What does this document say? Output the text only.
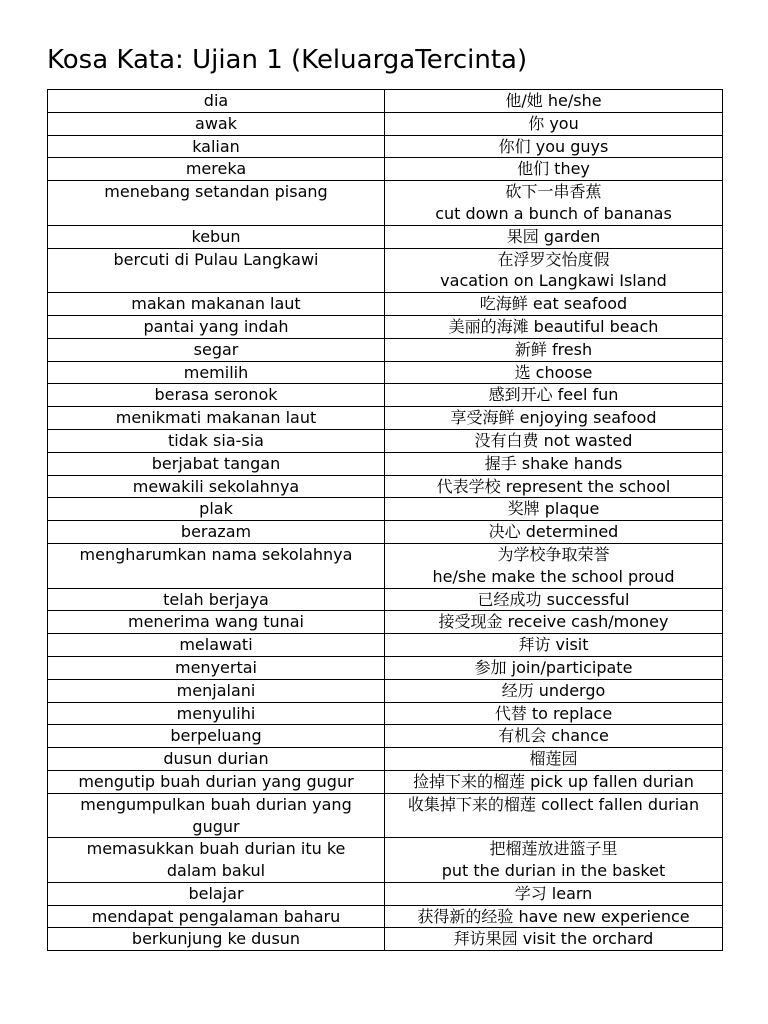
Kosa Kata: Ujian 1 (KeluargaTercinta)
dia	他/她 he/she
awak	你 you
kalian	你们 you guys
mereka	他们 they
menebang setandan pisang	砍下一串香蕉
cut down a bunch of bananas
kebun	果园 garden
bercuti di Pulau Langkawi	在浮罗交怡度假
vacation on Langkawi Island
makan makanan laut	吃海鲜 eat seafood
pantai yang indah	美丽的海滩 beautiful beach
segar	新鲜 fresh
memilih	选 choose
berasa seronok	感到开心 feel fun
menikmati makanan laut	享受海鲜 enjoying seafood
tidak sia-sia	没有白费 not wasted
berjabat tangan	握手 shake hands
mewakili sekolahnya	代表学校 represent the school
plak	奖牌 plaque
berazam	决心 determined
mengharumkan nama sekolahnya	为学校争取荣誉
he/she make the school proud
telah berjaya	已经成功 successful
menerima wang tunai	接受现金 receive cash/money
melawati	拜访 visit
menyertai	参加 join/participate
menjalani	经历 undergo
menyulihi	代替 to replace
berpeluang	有机会 chance
dusun durian	榴莲园
mengutip buah durian yang gugur	捡掉下来的榴莲 pick up fallen durian
mengumpulkan buah durian yang
gugur	收集掉下来的榴莲 collect fallen durian
memasukkan buah durian itu ke
dalam bakul	把榴莲放进篮子里
put the durian in the basket
belajar	学习 learn
mendapat pengalaman baharu	获得新的经验 have new experience
berkunjung ke dusun	拜访果园 visit the orchard
